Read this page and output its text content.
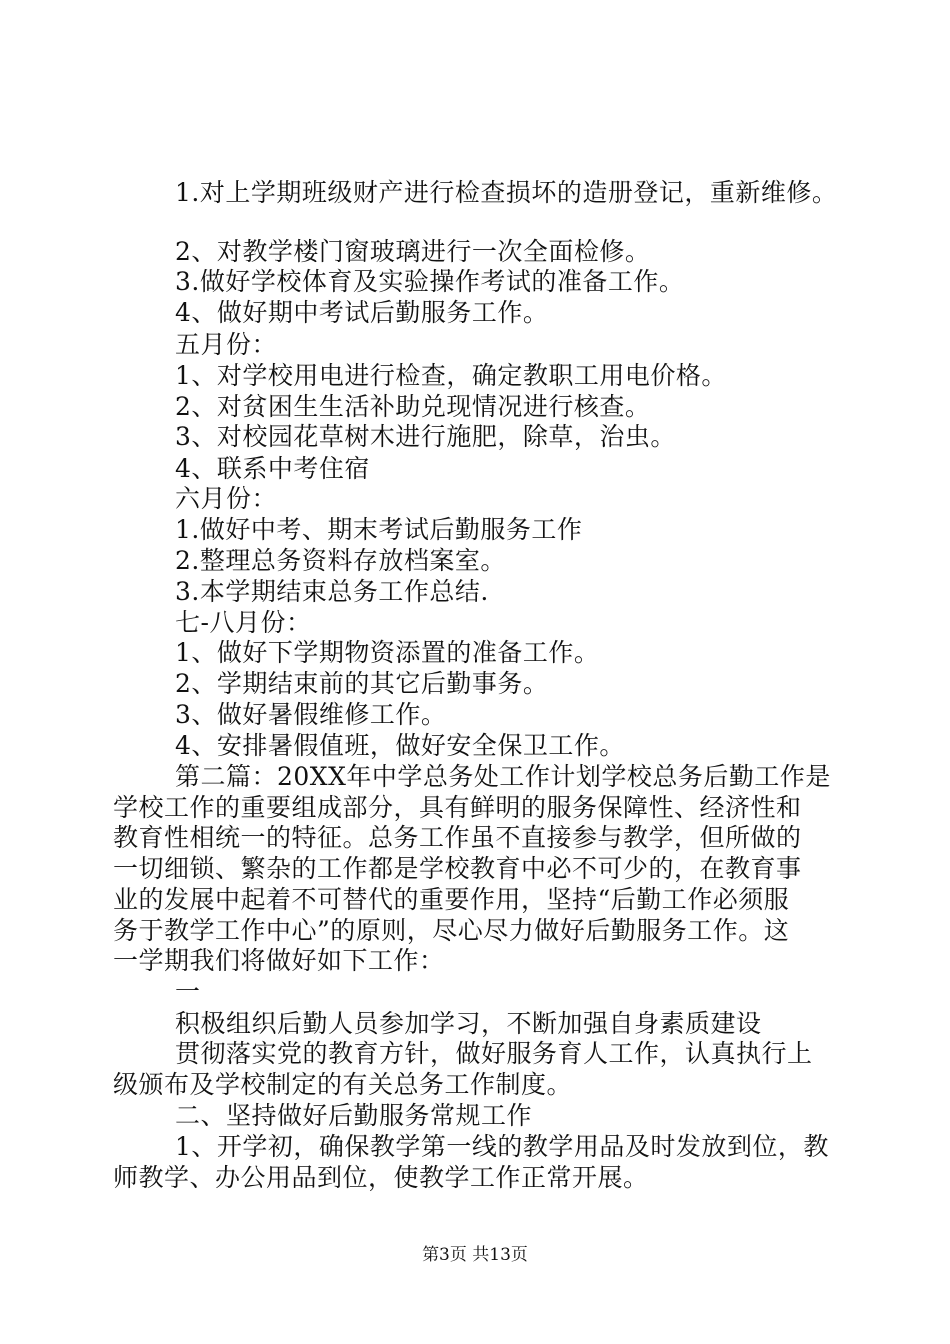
1.对上学期班级财产进行检查损坏的造册登记，重新维修。
2、对教学楼门窗玻璃进行一次全面检修。
3.做好学校体育及实验操作考试的准备工作。
4、做好期中考试后勤服务工作。
五月份：
1、对学校用电进行检查，确定教职工用电价格。
2、对贫困生生活补助兑现情况进行核查。
3、对校园花草树木进行施肥，除草，治虫。
4、联系中考住宿
六月份：
1.做好中考、期末考试后勤服务工作
2.整理总务资料存放档案室。
3.本学期结束总务工作总结.
七-八月份：
1、做好下学期物资添置的准备工作。
2、学期结束前的其它后勤事务。
3、做好暑假维修工作。
4、安排暑假值班，做好安全保卫工作。
第二篇：20XX年中学总务处工作计划学校总务后勤工作是
学校工作的重要组成部分，具有鲜明的服务保障性、经济性和
教育性相统一的特征。总务工作虽不直接参与教学，但所做的
一切细锁、繁杂的工作都是学校教育中必不可少的，在教育事
业的发展中起着不可替代的重要作用，坚持“后勤工作必须服
务于教学工作中心”的原则，尽心尽力做好后勤服务工作。这
一学期我们将做好如下工作：
一
积极组织后勤人员参加学习，不断加强自身素质建设
贯彻落实党的教育方针，做好服务育人工作，认真执行上
级颁布及学校制定的有关总务工作制度。
二、坚持做好后勤服务常规工作
1、开学初，确保教学第一线的教学用品及时发放到位，教
师教学、办公用品到位，使教学工作正常开展。
第3页 共13页
